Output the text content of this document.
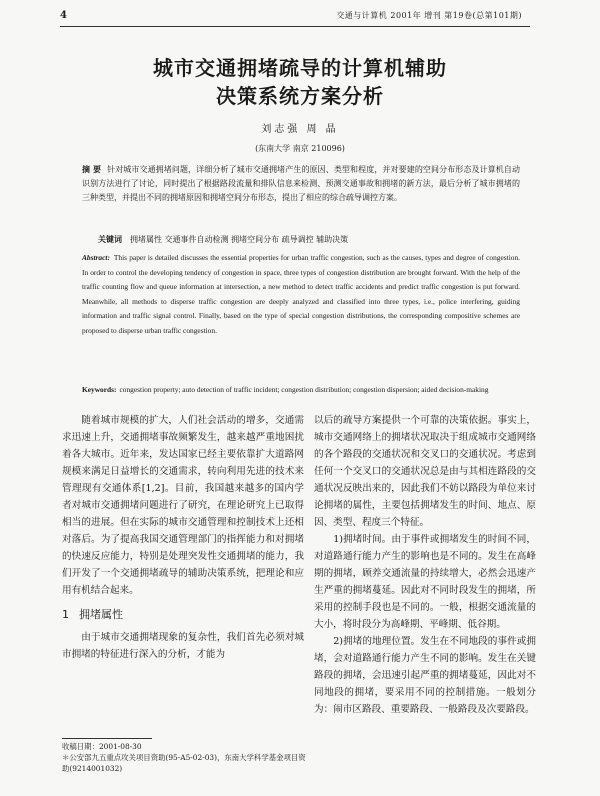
4	交通与计算机 2001年 增刊 第19卷(总第101期)
城市交通拥堵疏导的计算机辅助
决策系统方案分析
刘志强 周 晶
(东南大学 南京 210096)
摘 要 针对城市交通拥堵问题，详细分析了城市交通拥堵产生的原因、类型和程度，并对要建的空间分布形态及计算机自动识别方法进行了讨论，同时提出了根据路段流量和排队信息来检测、预测交通事故和拥堵的新方法，最后分析了城市拥堵的三种类型，并提出不同的拥堵原因和拥堵空间分布形态，提出了相应的综合疏导调控方案。
关键词 拥堵属性 交通事件自动检测 拥堵空间分布 疏导调控 辅助决策
Abstract: This paper is detailed discusses the essential properties for urban traffic congestion, such as the causes, types and degree of congestion. In order to control the developing tendency of congestion in space, three types of congestion distribution are brought forward. With the help of the traffic counting flow and queue information at intersection, a new method to detect traffic accidents and predict traffic congestion is put forward. Meanwhile, all methods to disperse traffic congestion are deeply analyzed and classified into three types, i.e., police interfering, guiding information and traffic signal control. Finally, based on the type of special congestion distributions, the corresponding compositive schemes are proposed to disperse urban traffic congestion.
Keywords: congestion property; auto detection of traffic incident; congestion distribution; congestion dispersion; aided decision-making

随着城市规模的扩大，人们社会活动的增多，交通需求迅速上升，交通拥堵事故频繁发生，越来越严重地困扰着各大城市。近年来，发达国家已经主要依靠扩大道路网规模来满足日益增长的交通需求，转向利用先进的技术来管理现有交通体系[1,2]。目前，我国越来越多的国内学者对城市交通拥堵问题进行了研究，在理论研究上已取得相当的进展。但在实际的城市交通管理和控制技术上还相对落后。为了提高我国交通管理部门的指挥能力和对拥堵的快速反应能力，特别是处理突发性交通拥堵的能力，我们开发了一个交通拥堵疏导的辅助决策系统，把理论和应用有机结合起来。

1 拥堵属性

由于城市交通拥堵现象的复杂性，我们首先必须对城市拥堵的特征进行深入的分析，才能为

以后的疏导方案提供一个可靠的决策依据。事实上，城市交通网络上的拥堵状况取决于组成城市交通网络的各个路段的交通状况和交叉口的交通状况。考虑到任何一个交叉口的交通状况总是由与其相连路段的交通状况反映出来的，因此我们不妨以路段为单位来讨论拥堵的属性，主要包括拥堵发生的时间、地点、原因、类型、程度三个特征。

1)拥堵时间。由于事件或拥堵发生的时间不同，对道路通行能力产生的影响也是不同的。发生在高峰期的拥堵，顾养交通流量的持续增大，必然会迅速产生严重的拥堵蔓延。因此对不同时段发生的拥堵，所采用的控制手段也是不同的。一般，根据交通流量的大小，将时段分为高峰期、平峰期、低谷期。

2)拥堵的地理位置。发生在不同地段的事件或拥堵，会对道路通行能力产生不同的影响。发生在关键路段的拥堵，会迅速引起严重的拥堵蔓延，因此对不同地段的拥堵，要采用不同的控制措施。一般划分为：闹市区路段、重要路段、一般路段及次要路段。

收稿日期：2001-08-30
＊公安部九五重点攻关项目资助(95-A5-02-03)，东南大学科学基金项目资助(9214001032)
